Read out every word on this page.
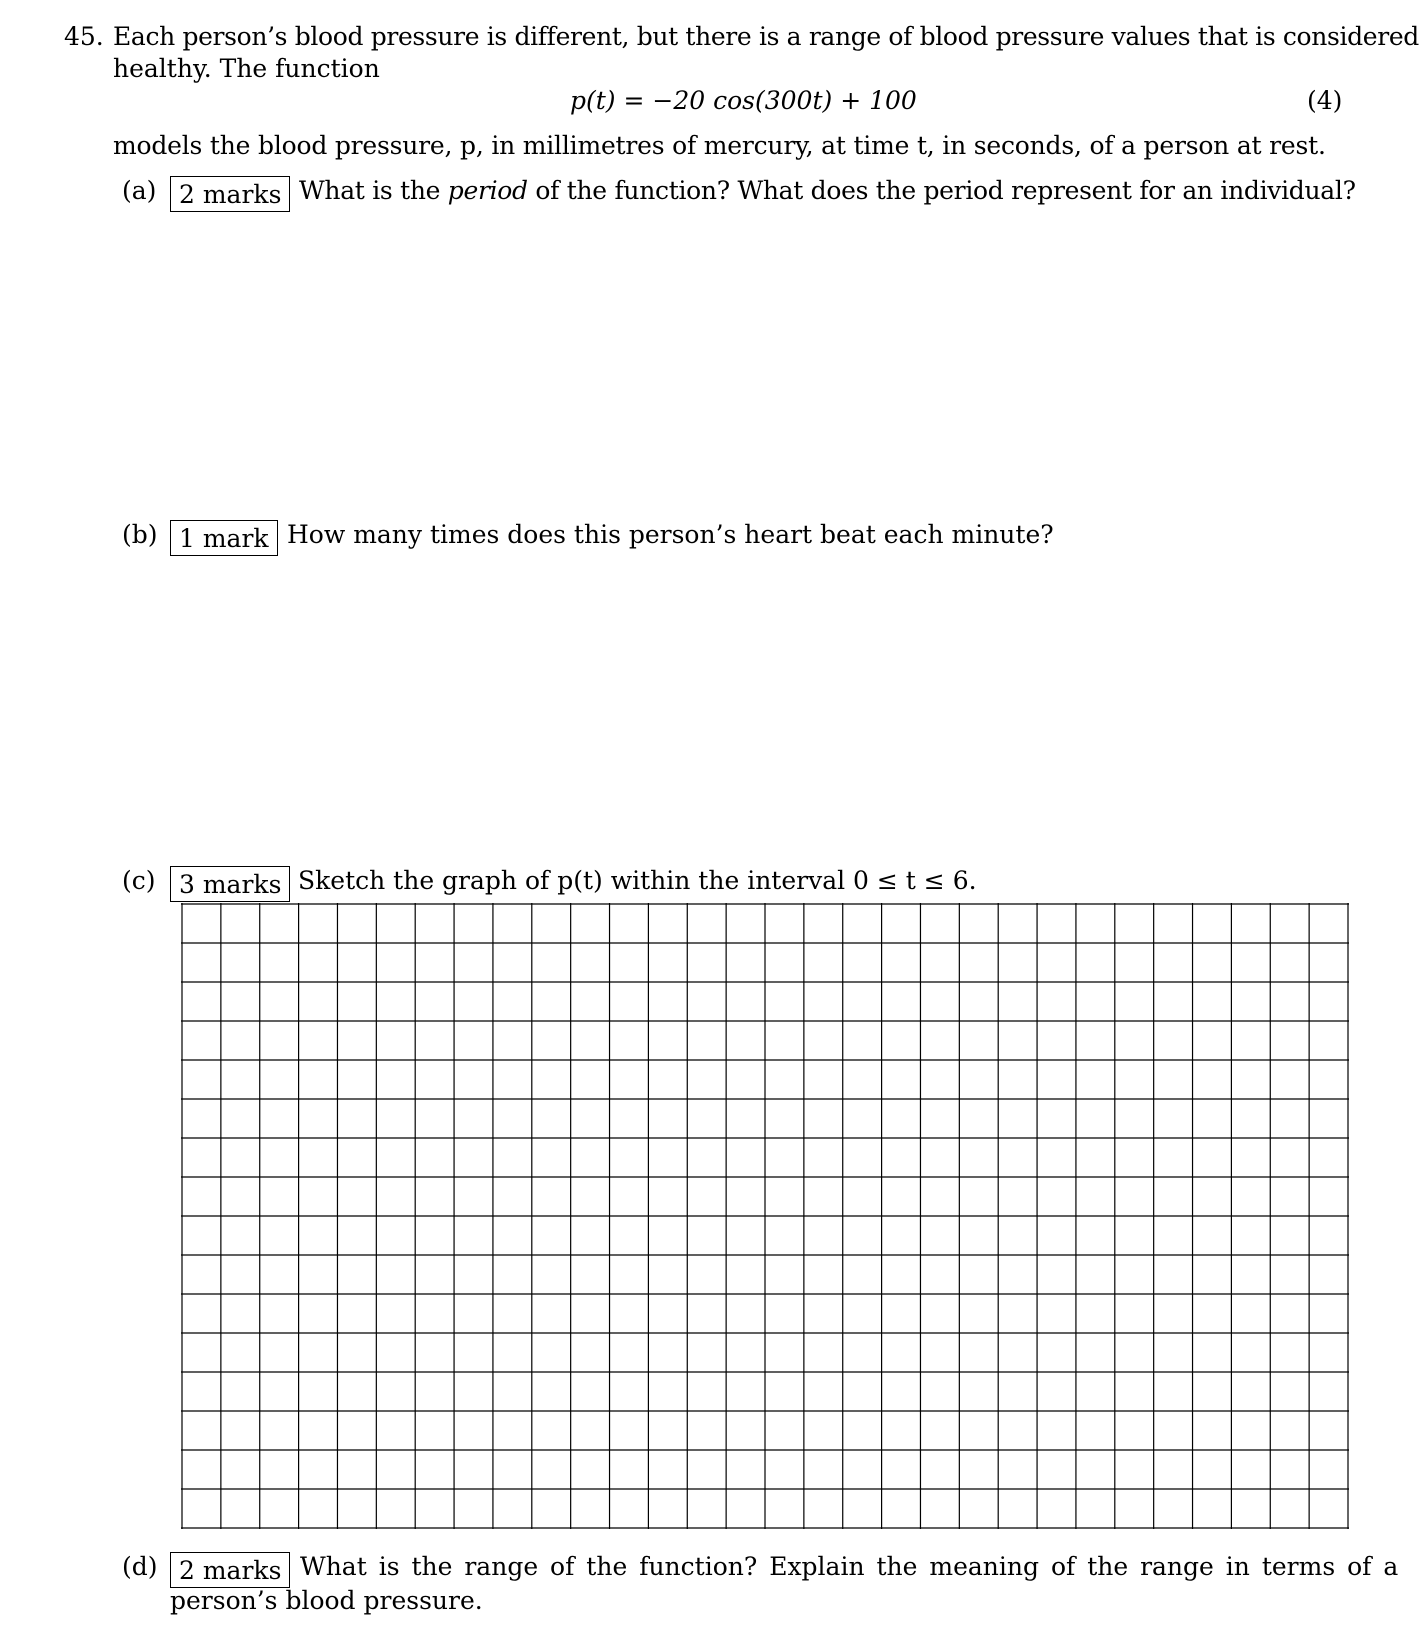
45. Each person’s blood pressure is different, but there is a range of blood pressure values that is considered
healthy. The function
p(t) = −20 cos(300t) + 100	(4)
models the blood pressure, p, in millimetres of mercury, at time t, in seconds, of a person at rest.
(a) 2 marks What is the period of the function? What does the period represent for an individual?
(b) 1 mark How many times does this person’s heart beat each minute?
(c) 3 marks Sketch the graph of p(t) within the interval 0 ≤ t ≤ 6.
(d) 2 marks What is the range of the function? Explain the meaning of the range in terms of a
person’s blood pressure.
